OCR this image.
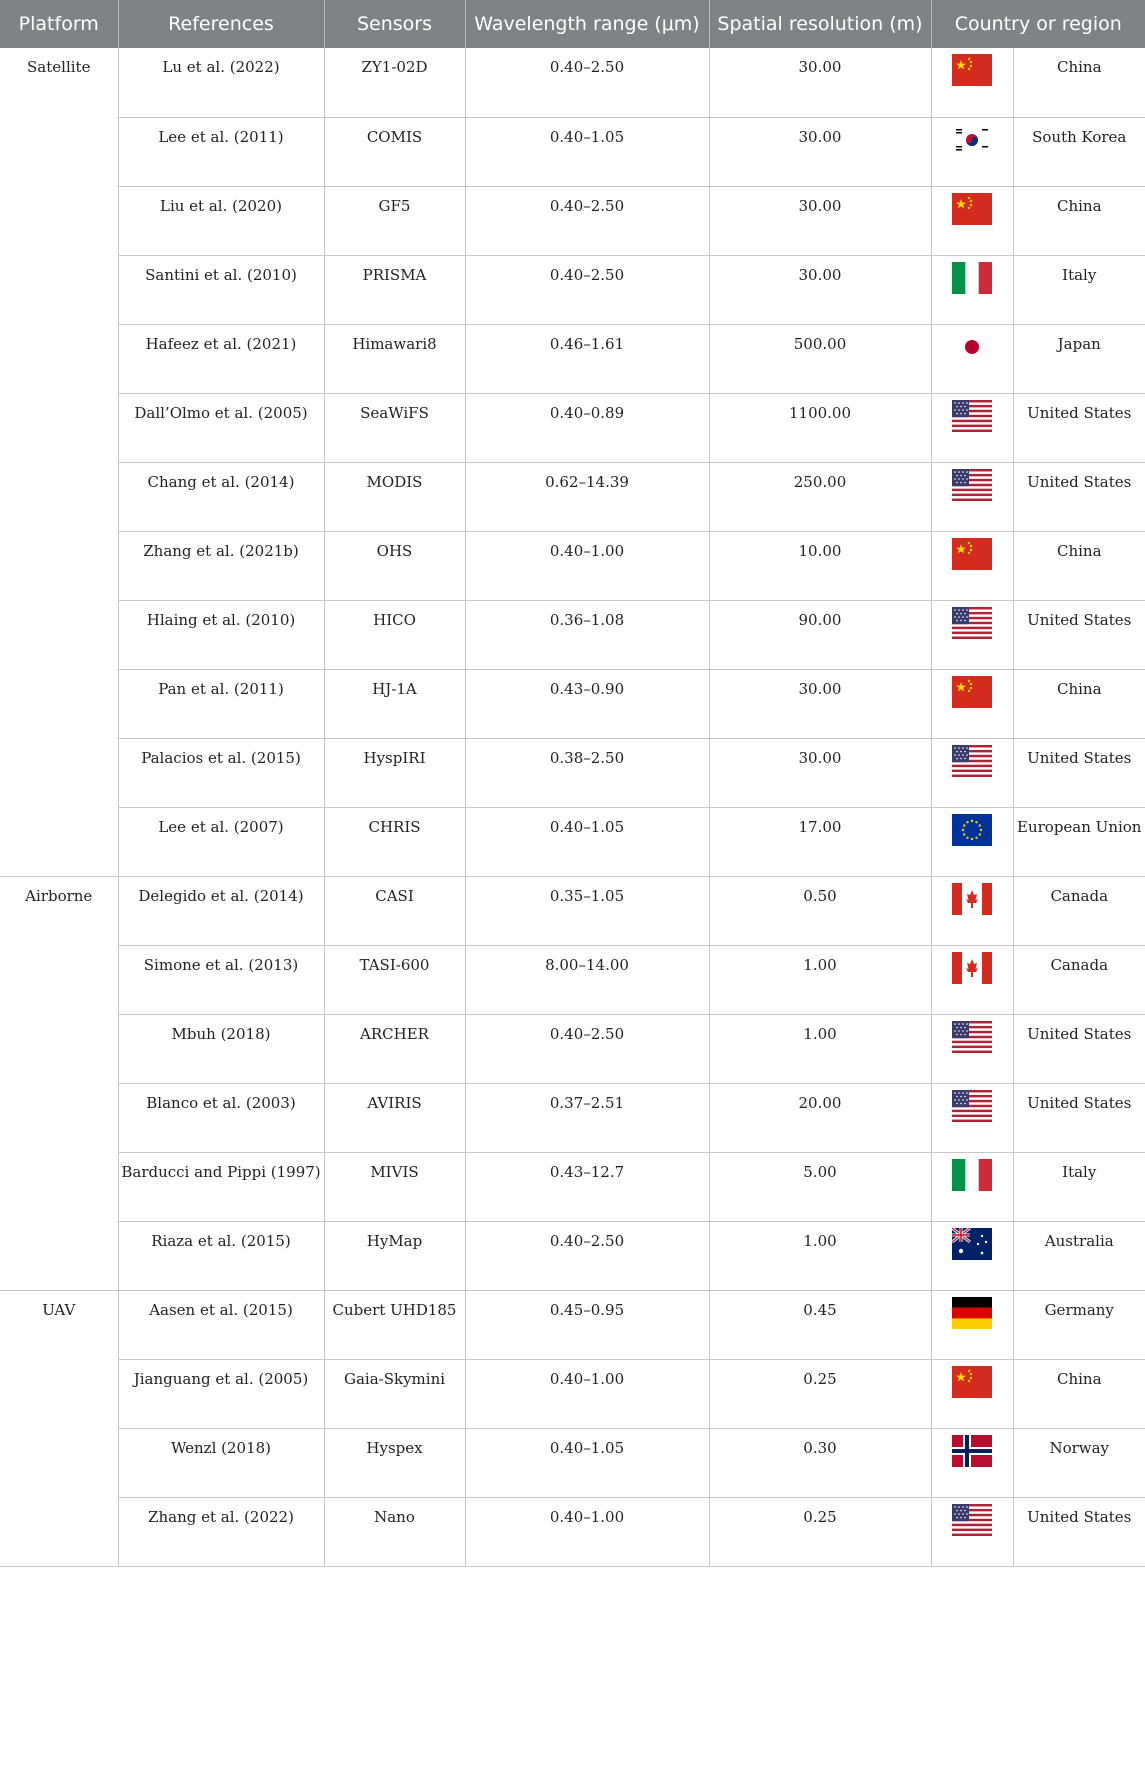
Platform	References	Sensors	Wavelength range (μm)	Spatial resolution (m)	Country or region	
Satellite	Lu et al. (2022)	ZY1-02D	0.40–2.50	30.00		China
	Lee et al. (2011)	COMIS	0.40–1.05	30.00		South Korea
	Liu et al. (2020)	GF5	0.40–2.50	30.00		China
	Santini et al. (2010)	PRISMA	0.40–2.50	30.00		Italy
	Hafeez et al. (2021)	Himawari8	0.46–1.61	500.00		Japan
	Dall’Olmo et al. (2005)	SeaWiFS	0.40–0.89	1100.00		United States
	Chang et al. (2014)	MODIS	0.62–14.39	250.00		United States
	Zhang et al. (2021b)	OHS	0.40–1.00	10.00		China
	Hlaing et al. (2010)	HICO	0.36–1.08	90.00		United States
	Pan et al. (2011)	HJ-1A	0.43–0.90	30.00		China
	Palacios et al. (2015)	HyspIRI	0.38–2.50	30.00		United States
	Lee et al. (2007)	CHRIS	0.40–1.05	17.00		European Union
Airborne	Delegido et al. (2014)	CASI	0.35–1.05	0.50		Canada
	Simone et al. (2013)	TASI-600	8.00–14.00	1.00		Canada
	Mbuh (2018)	ARCHER	0.40–2.50	1.00		United States
	Blanco et al. (2003)	AVIRIS	0.37–2.51	20.00		United States
	Barducci and Pippi (1997)	MIVIS	0.43–12.7	5.00		Italy
	Riaza et al. (2015)	HyMap	0.40–2.50	1.00		Australia
UAV	Aasen et al. (2015)	Cubert UHD185	0.45–0.95	0.45		Germany
	Jianguang et al. (2005)	Gaia-Skymini	0.40–1.00	0.25		China
	Wenzl (2018)	Hyspex	0.40–1.05	0.30		Norway
	Zhang et al. (2022)	Nano	0.40–1.00	0.25		United States
